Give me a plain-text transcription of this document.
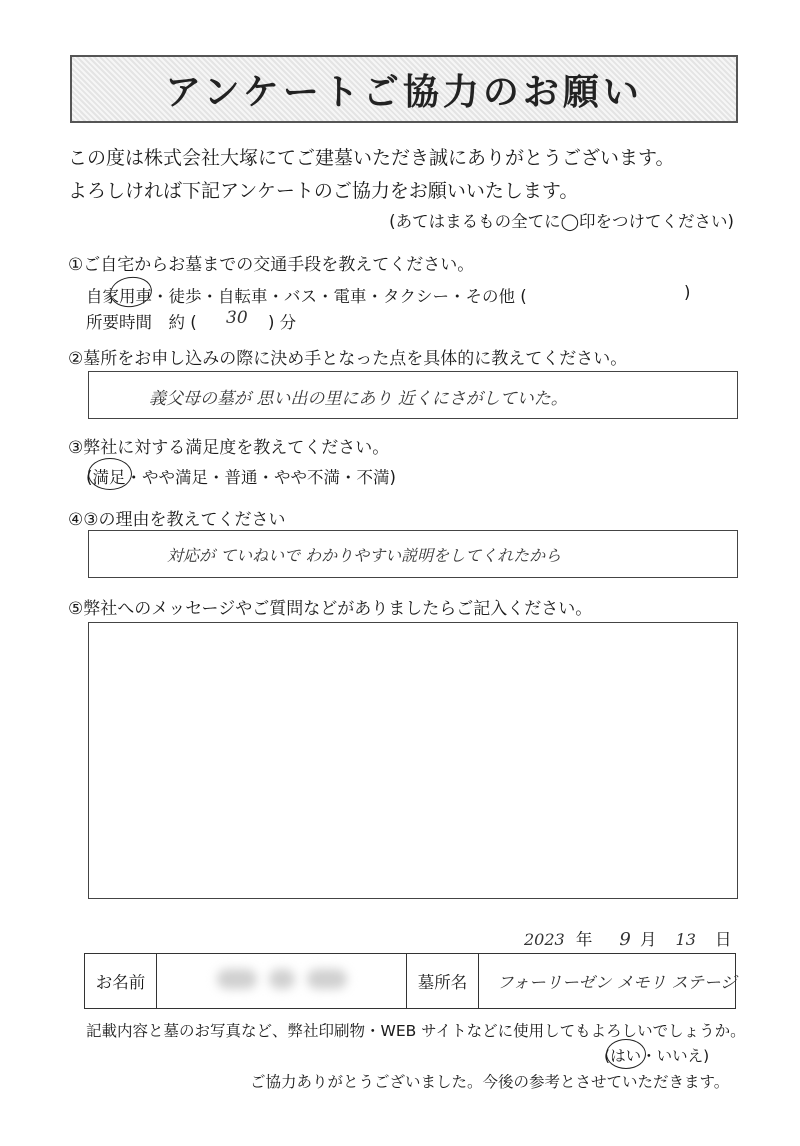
アンケートご協力のお願い
この度は株式会社大塚にてご建墓いただき誠にありがとうございます。
よろしければ下記アンケートのご協力をお願いいたします。
(あてはまるもの全てに◯印をつけてください)
①ご自宅からお墓までの交通手段を教えてください。
自家用車・徒歩・自転車・バス・電車・タクシー・その他 (	)
所要時間　約 ( 30 ) 分
②墓所をお申し込みの際に決め手となった点を具体的に教えてください。
義父母の墓が 思い出の里にあり 近くにさがしていた。
③弊社に対する満足度を教えてください。
(
満足・やや満足・普通・やや不満・不満)
④③の理由を教えてください
対応が ていねいで わかりやすい説明をしてくれたから
⑤弊社へのメッセージやご質問などがありましたらご記入ください。
2023 年 9 月 13 日
お名前		墓所名	フォーリーゼン メモリ ステージ
記載内容と墓のお写真など、弊社印刷物・WEB サイトなどに使用してもよろしいでしょうか。
(
はい・いいえ)
ご協力ありがとうございました。今後の参考とさせていただきます。
